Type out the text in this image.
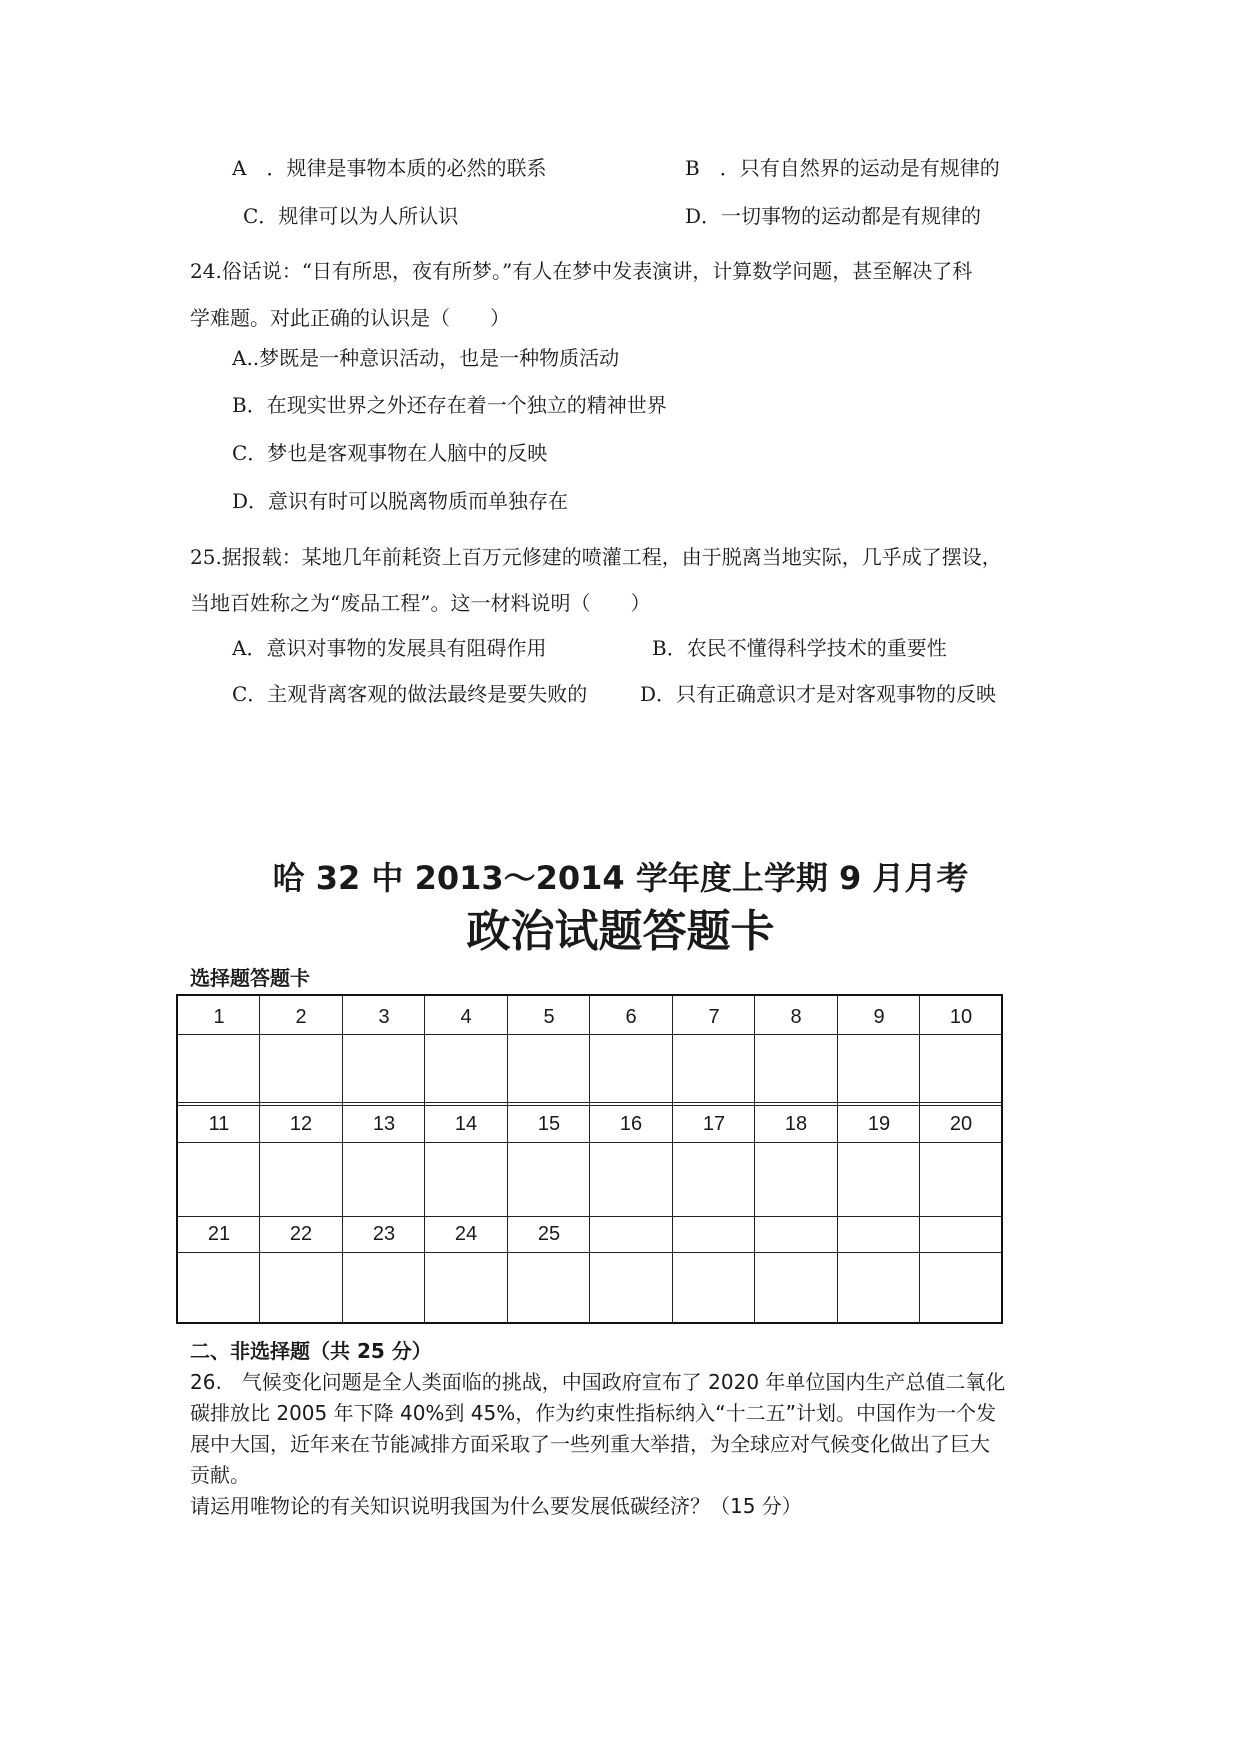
A　．规律是事物本质的必然的联系	B　．只有自然界的运动是有规律的
C．规律可以为人所认识	D．一切事物的运动都是有规律的
24.俗话说：“日有所思，夜有所梦。”有人在梦中发表演讲，计算数学问题，甚至解决了科
学难题。对此正确的认识是（　　）
A..梦既是一种意识活动，也是一种物质活动
B．在现实世界之外还存在着一个独立的精神世界
C．梦也是客观事物在人脑中的反映
D．意识有时可以脱离物质而单独存在
25.据报载：某地几年前耗资上百万元修建的喷灌工程，由于脱离当地实际，几乎成了摆设，
当地百姓称之为“废品工程”。这一材料说明（　　）
A．意识对事物的发展具有阻碍作用	B．农民不懂得科学技术的重要性
C．主观背离客观的做法最终是要失败的	D．只有正确意识才是对客观事物的反映
哈 32 中 2013～2014 学年度上学期 9 月月考
政治试题答题卡
选择题答题卡
1	2	3	4	5	6	7	8	9	10
11	12	13	14	15	16	17	18	19	20
21	22	23	24	25
二、非选择题（共 25 分）
26.　气候变化问题是全人类面临的挑战，中国政府宣布了 2020 年单位国内生产总值二氧化
碳排放比 2005 年下降 40%到 45%，作为约束性指标纳入“十二五”计划。中国作为一个发
展中大国，近年来在节能减排方面采取了一些列重大举措，为全球应对气候变化做出了巨大
贡献。
请运用唯物论的有关知识说明我国为什么要发展低碳经济？（15 分）
